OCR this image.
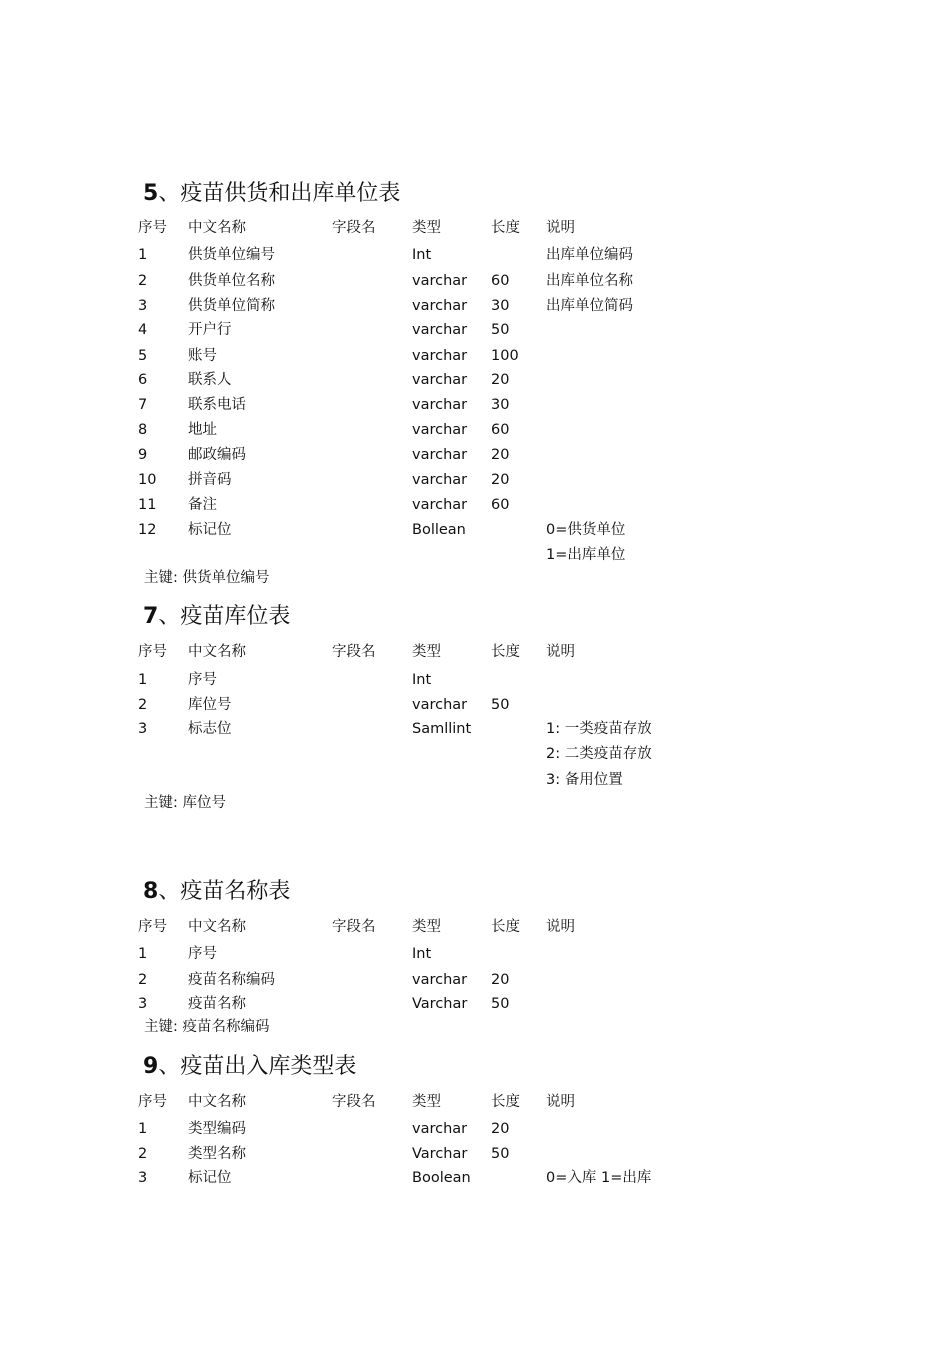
5、疫苗供货和出库单位表
序号 中文名称	字段名	类型	长度 说明
1	供货单位编号	Int	出库单位编码
2	供货单位名称	varchar 60	出库单位名称
3	供货单位简称	varchar 30	出库单位简码
4	开户行	varchar 50
5	账号	varchar 100
6	联系人	varchar 20
7	联系电话	varchar 30
8	地址	varchar 60
9	邮政编码	varchar 20
10 拼音码	varchar 20
11 备注	varchar 60
12 标记位	Bollean	0=供货单位
1=出库单位
主键: 供货单位编号
7、疫苗库位表
序号 中文名称	字段名	类型	长度 说明
1	序号	Int
2	库位号	varchar 50
3	标志位	Samllint	1: 一类疫苗存放
2: 二类疫苗存放
3: 备用位置
主键: 库位号
8、疫苗名称表
序号 中文名称	字段名	类型	长度 说明
1	序号	Int
2	疫苗名称编码	varchar 20
3	疫苗名称	Varchar 50
主键: 疫苗名称编码
9、疫苗出入库类型表
序号 中文名称	字段名	类型	长度 说明
1	类型编码	varchar 20
2	类型名称	Varchar 50
3	标记位	Boolean	0=入库 1=出库
